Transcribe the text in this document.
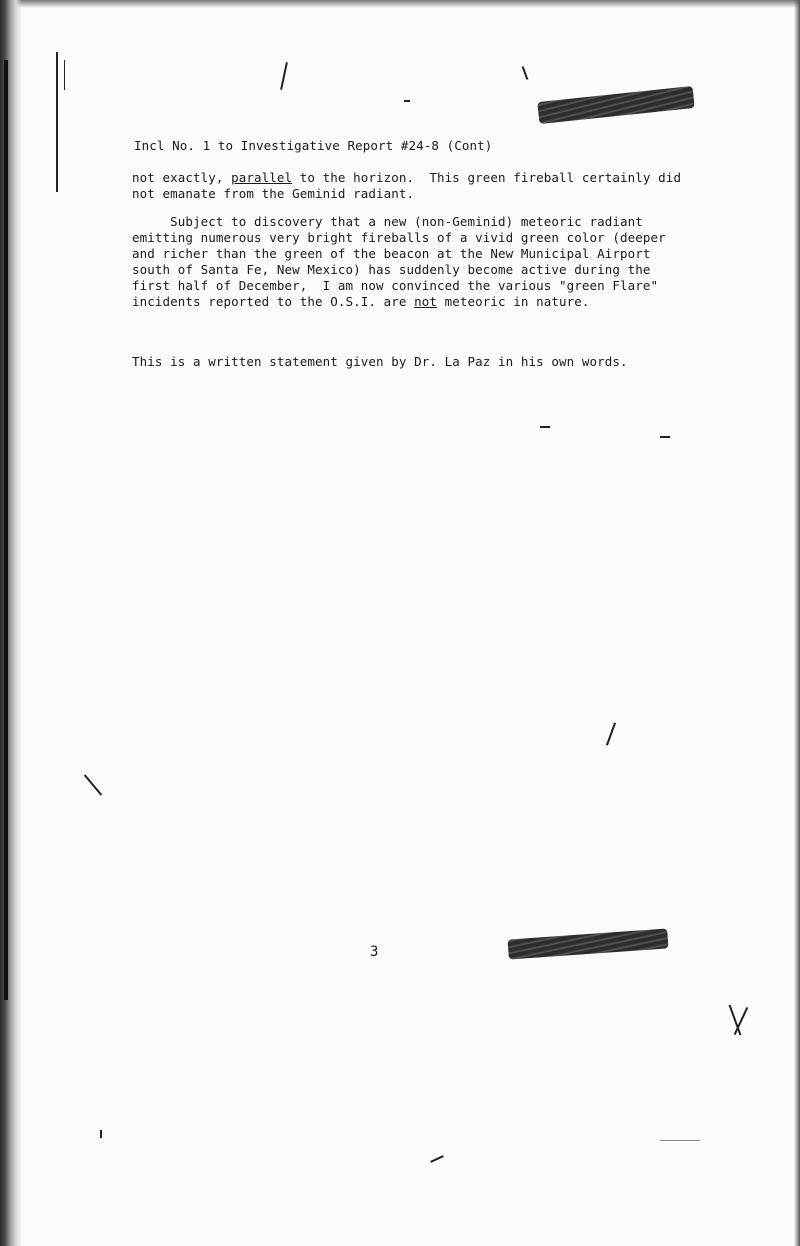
Incl No. 1 to Investigative Report #24-8 (Cont)
not exactly, parallel to the horizon.  This green fireball certainly did
not emanate from the Geminid radiant.
Subject to discovery that a new (non-Geminid) meteoric radiant
emitting numerous very bright fireballs of a vivid green color (deeper
and richer than the green of the beacon at the New Municipal Airport
south of Santa Fe, New Mexico) has suddenly become active during the
first half of December,  I am now convinced the various "green Flare"
incidents reported to the O.S.I. are not meteoric in nature.
This is a written statement given by Dr. La Paz in his own words.
3
